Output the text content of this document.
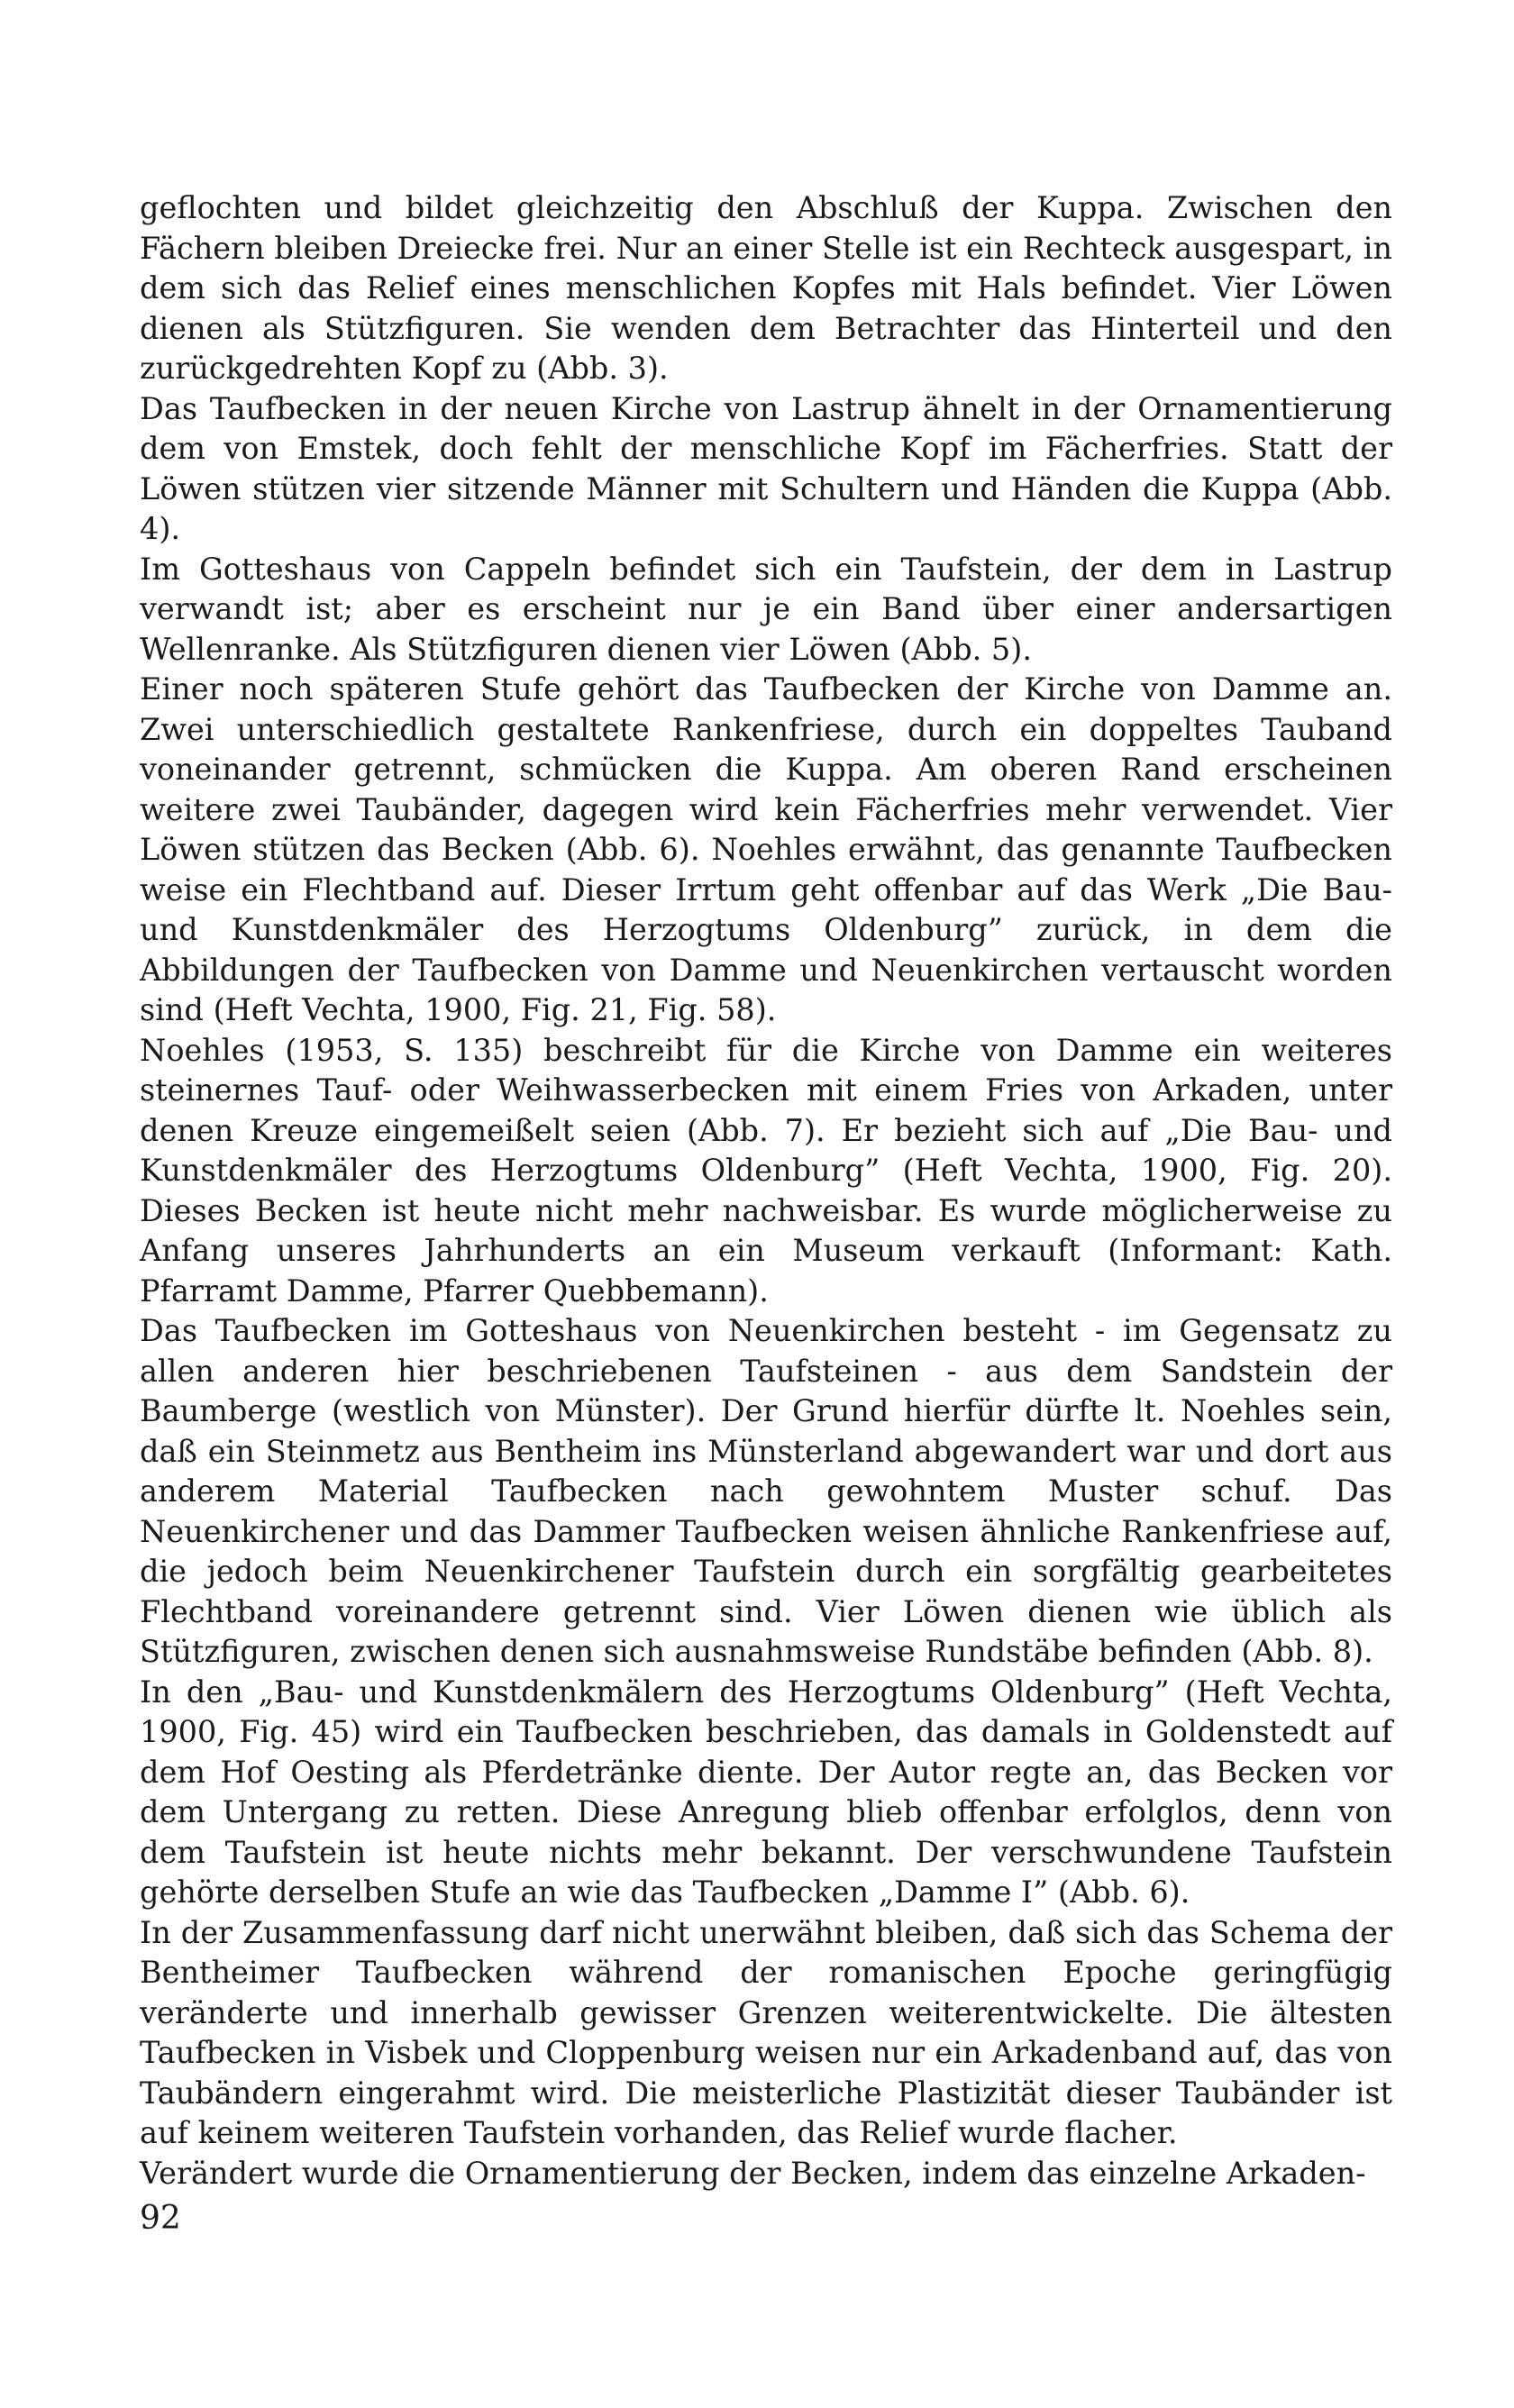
geflochten und bildet gleichzeitig den Abschluß der Kuppa. Zwischen den Fächern bleiben Dreiecke frei. Nur an einer Stelle ist ein Rechteck ausgespart, in dem sich das Relief eines menschlichen Kopfes mit Hals befindet. Vier Löwen dienen als Stützfiguren. Sie wenden dem Betrachter das Hinterteil und den zurückgedrehten Kopf zu (Abb. 3).

Das Taufbecken in der neuen Kirche von Lastrup ähnelt in der Ornamentierung dem von Emstek, doch fehlt der menschliche Kopf im Fächerfries. Statt der Löwen stützen vier sitzende Männer mit Schultern und Händen die Kuppa (Abb. 4).

Im Gotteshaus von Cappeln befindet sich ein Taufstein, der dem in Lastrup verwandt ist; aber es erscheint nur je ein Band über einer andersartigen Wellenranke. Als Stützfiguren dienen vier Löwen (Abb. 5).

Einer noch späteren Stufe gehört das Taufbecken der Kirche von Damme an. Zwei unterschiedlich gestaltete Rankenfriese, durch ein doppeltes Tauband voneinander getrennt, schmücken die Kuppa. Am oberen Rand erscheinen weitere zwei Taubänder, dagegen wird kein Fächerfries mehr verwendet. Vier Löwen stützen das Becken (Abb. 6). Noehles erwähnt, das genannte Taufbecken weise ein Flechtband auf. Dieser Irrtum geht offenbar auf das Werk „Die Bau- und Kunstdenkmäler des Herzogtums Oldenburg” zurück, in dem die Abbildungen der Taufbecken von Damme und Neuenkirchen vertauscht worden sind (Heft Vechta, 1900, Fig. 21, Fig. 58).

Noehles (1953, S. 135) beschreibt für die Kirche von Damme ein weiteres steinernes Tauf- oder Weihwasserbecken mit einem Fries von Arkaden, unter denen Kreuze eingemeißelt seien (Abb. 7). Er bezieht sich auf „Die Bau- und Kunstdenkmäler des Herzogtums Oldenburg” (Heft Vechta, 1900, Fig. 20). Dieses Becken ist heute nicht mehr nachweisbar. Es wurde möglicherweise zu Anfang unseres Jahrhunderts an ein Museum verkauft (Informant: Kath. Pfarramt Damme, Pfarrer Quebbemann).

Das Taufbecken im Gotteshaus von Neuenkirchen besteht - im Gegensatz zu allen anderen hier beschriebenen Taufsteinen - aus dem Sandstein der Baumberge (westlich von Münster). Der Grund hierfür dürfte lt. Noehles sein, daß ein Steinmetz aus Bentheim ins Münsterland abgewandert war und dort aus anderem Material Taufbecken nach gewohntem Muster schuf. Das Neuenkirchener und das Dammer Taufbecken weisen ähnliche Rankenfriese auf, die jedoch beim Neuenkirchener Taufstein durch ein sorgfältig gearbeitetes Flechtband voreinandere getrennt sind. Vier Löwen dienen wie üblich als Stützfiguren, zwischen denen sich ausnahmsweise Rundstäbe befinden (Abb. 8).

In den „Bau- und Kunstdenkmälern des Herzogtums Oldenburg” (Heft Vechta, 1900, Fig. 45) wird ein Taufbecken beschrieben, das damals in Goldenstedt auf dem Hof Oesting als Pferdetränke diente. Der Autor regte an, das Becken vor dem Untergang zu retten. Diese Anregung blieb offenbar erfolglos, denn von dem Taufstein ist heute nichts mehr bekannt. Der verschwundene Taufstein gehörte derselben Stufe an wie das Taufbecken „Damme I” (Abb. 6).

In der Zusammenfassung darf nicht unerwähnt bleiben, daß sich das Schema der Bentheimer Taufbecken während der romanischen Epoche geringfügig veränderte und innerhalb gewisser Grenzen weiterentwickelte. Die ältesten Taufbecken in Visbek und Cloppenburg weisen nur ein Arkadenband auf, das von Taubändern eingerahmt wird. Die meisterliche Plastizität dieser Taubänder ist auf keinem weiteren Taufstein vorhanden, das Relief wurde flacher.

Verändert wurde die Ornamentierung der Becken, indem das einzelne Arkaden-

92
